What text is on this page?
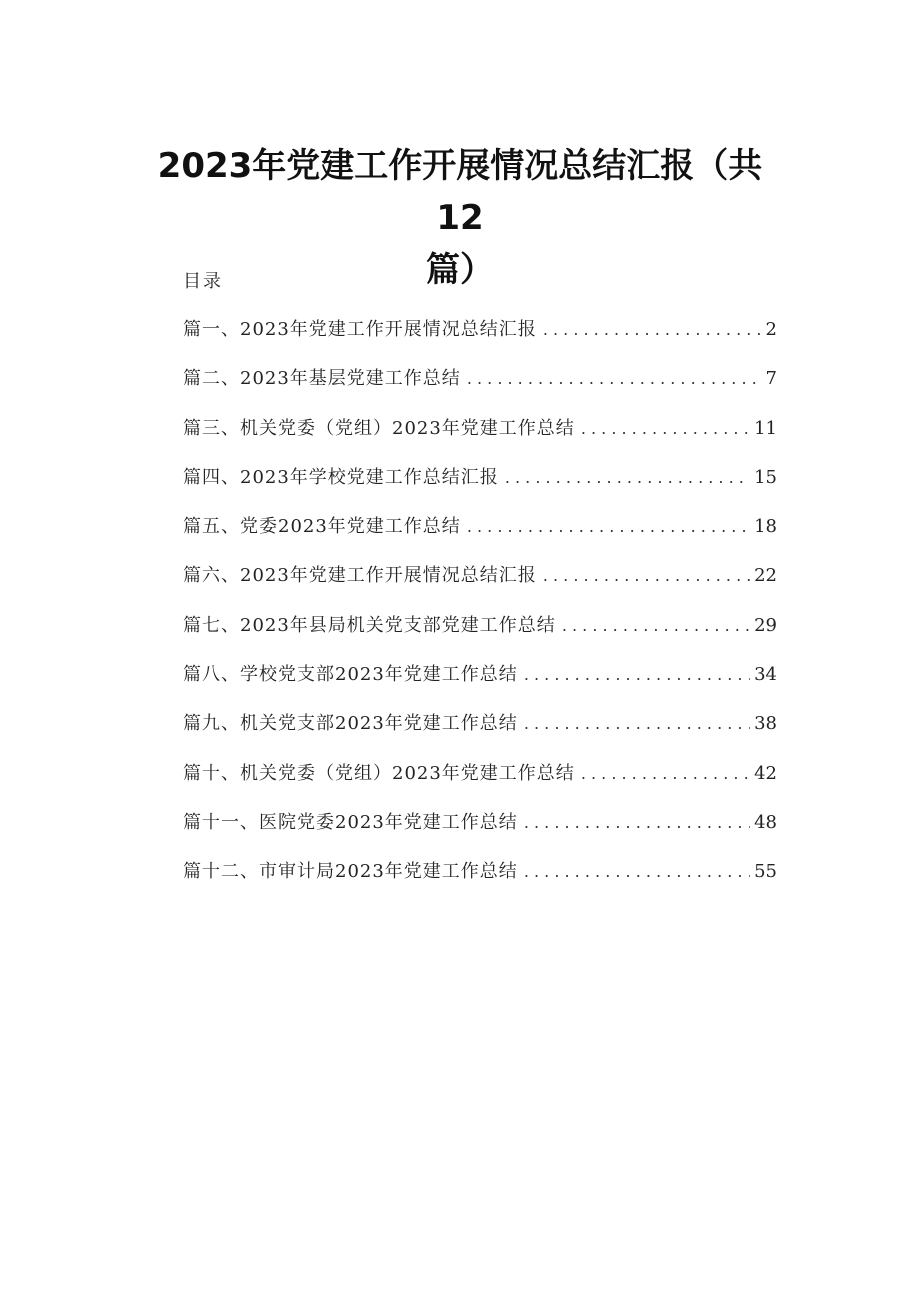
2023年党建工作开展情况总结汇报（共12
篇）
目录
篇一、2023年党建工作开展情况总结汇报 . . .	2
篇二、2023年基层党建工作总结 . . .	7
篇三、机关党委（党组）2023年党建工作总结 . . .	11
篇四、2023年学校党建工作总结汇报 . . .	15
篇五、党委2023年党建工作总结 . . .	18
篇六、2023年党建工作开展情况总结汇报 . . .	22
篇七、2023年县局机关党支部党建工作总结 . . .	29
篇八、学校党支部2023年党建工作总结 . . .	34
篇九、机关党支部2023年党建工作总结 . . .	38
篇十、机关党委（党组）2023年党建工作总结 . . .	42
篇十一、医院党委2023年党建工作总结 . . .	48
篇十二、市审计局2023年党建工作总结 . . .	55
